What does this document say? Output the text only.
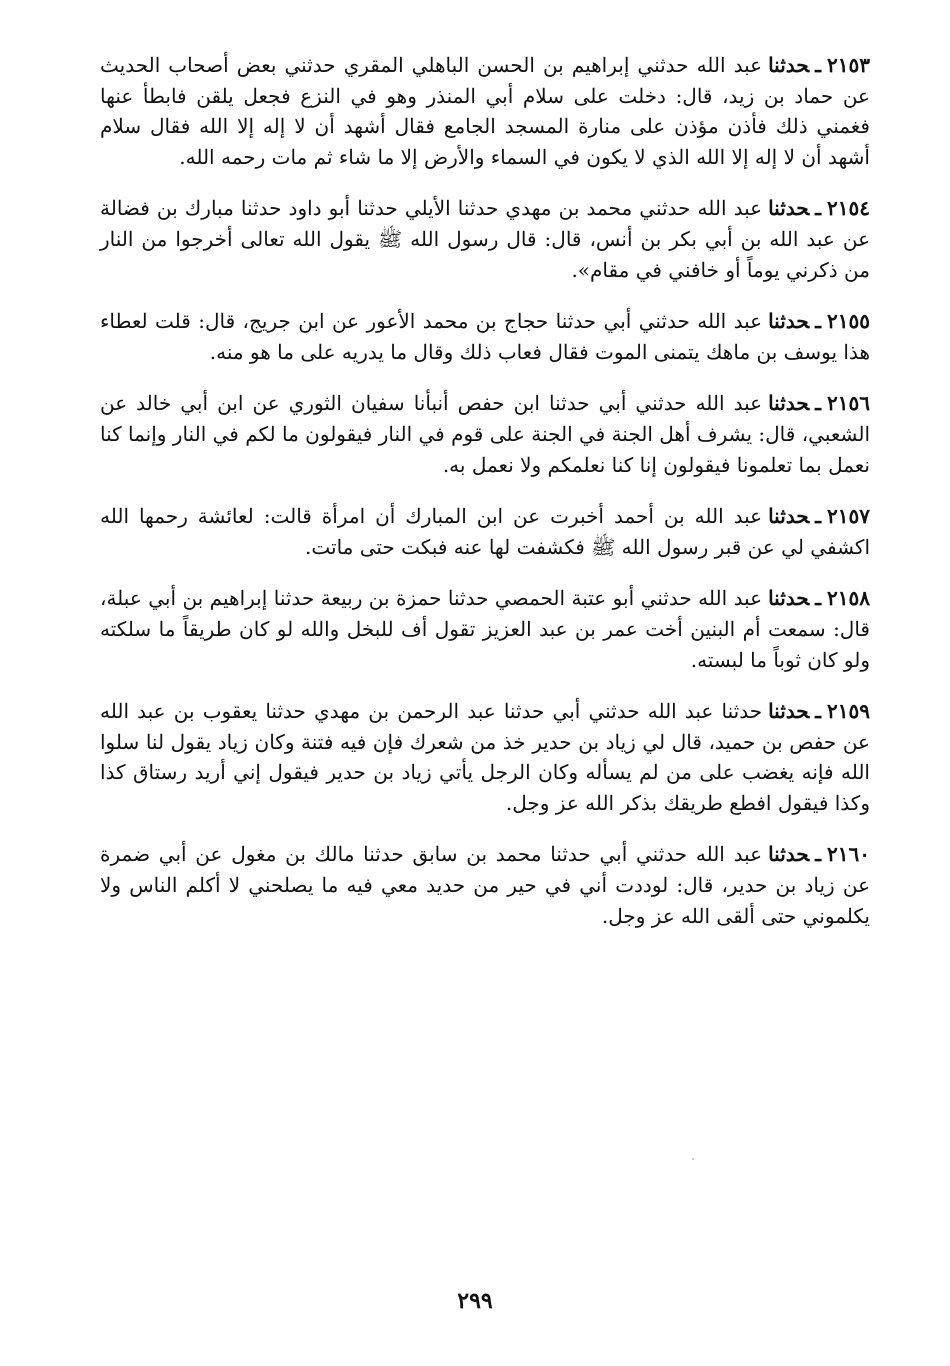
٢١٥٣ـحدثناعبد الله حدثني إبراهيم بن الحسن الباهلي المقري حدثني بعض أصحاب الحديث عن حماد بن زيد، قال: دخلت على سلام أبي المنذر وهو في النزع فجعل يلقن فابطأ عنها فغمني ذلك فأذن مؤذن على منارة المسجد الجامع فقال أشهد أن لا إله إلا الله فقال سلام أشهد أن لا إله إلا الله الذي لا يكون في السماء والأرض إلا ما شاء ثم مات رحمه الله.

٢١٥٤ـحدثناعبد الله حدثني محمد بن مهدي حدثنا الأيلي حدثنا أبو داود حدثنا مبارك بن فضالة عن عبد الله بن أبي بكر بن أنس، قال: قال رسول الله ﷺ يقول الله تعالى أخرجوا من النار من ذكرني يوماً أو خافني في مقام».

٢١٥٥ـحدثناعبد الله حدثني أبي حدثنا حجاج بن محمد الأعور عن ابن جريج، قال: قلت لعطاء هذا يوسف بن ماهك يتمنى الموت فقال فعاب ذلك وقال ما يدريه على ما هو منه.

٢١٥٦ـحدثناعبد الله حدثني أبي حدثنا ابن حفص أنبأنا سفيان الثوري عن ابن أبي خالد عن الشعبي، قال: يشرف أهل الجنة في الجنة على قوم في النار فيقولون ما لكم في النار وإنما كنا نعمل بما تعلمونا فيقولون إنا كنا نعلمكم ولا نعمل به.

٢١٥٧ـحدثناعبد الله بن أحمد أخبرت عن ابن المبارك أن امرأة قالت: لعائشة رحمها الله اكشفي لي عن قبر رسول الله ﷺ فكشفت لها عنه فبكت حتى ماتت.

٢١٥٨ـحدثناعبد الله حدثني أبو عتبة الحمصي حدثنا حمزة بن ربيعة حدثنا إبراهيم بن أبي عبلة، قال: سمعت أم البنين أخت عمر بن عبد العزيز تقول أف للبخل والله لو كان طريقاً ما سلكته ولو كان ثوباً ما لبسته.

٢١٥٩ـحدثناحدثنا عبد الله حدثني أبي حدثنا عبد الرحمن بن مهدي حدثنا يعقوب بن عبد الله عن حفص بن حميد، قال لي زياد بن حدير خذ من شعرك فإن فيه فتنة وكان زياد يقول لنا سلوا الله فإنه يغضب على من لم يسأله وكان الرجل يأتي زياد بن حدير فيقول إني أريد رستاق كذا وكذا فيقول افطع طريقك بذكر الله عز وجل.

٢١٦٠ـحدثناعبد الله حدثني أبي حدثنا محمد بن سابق حدثنا مالك بن مغول عن أبي ضمرة عن زياد بن حدير، قال: لوددت أني في حير من حديد معي فيه ما يصلحني لا أكلم الناس ولا يكلموني حتى ألقى الله عز وجل.

٢٩٩
